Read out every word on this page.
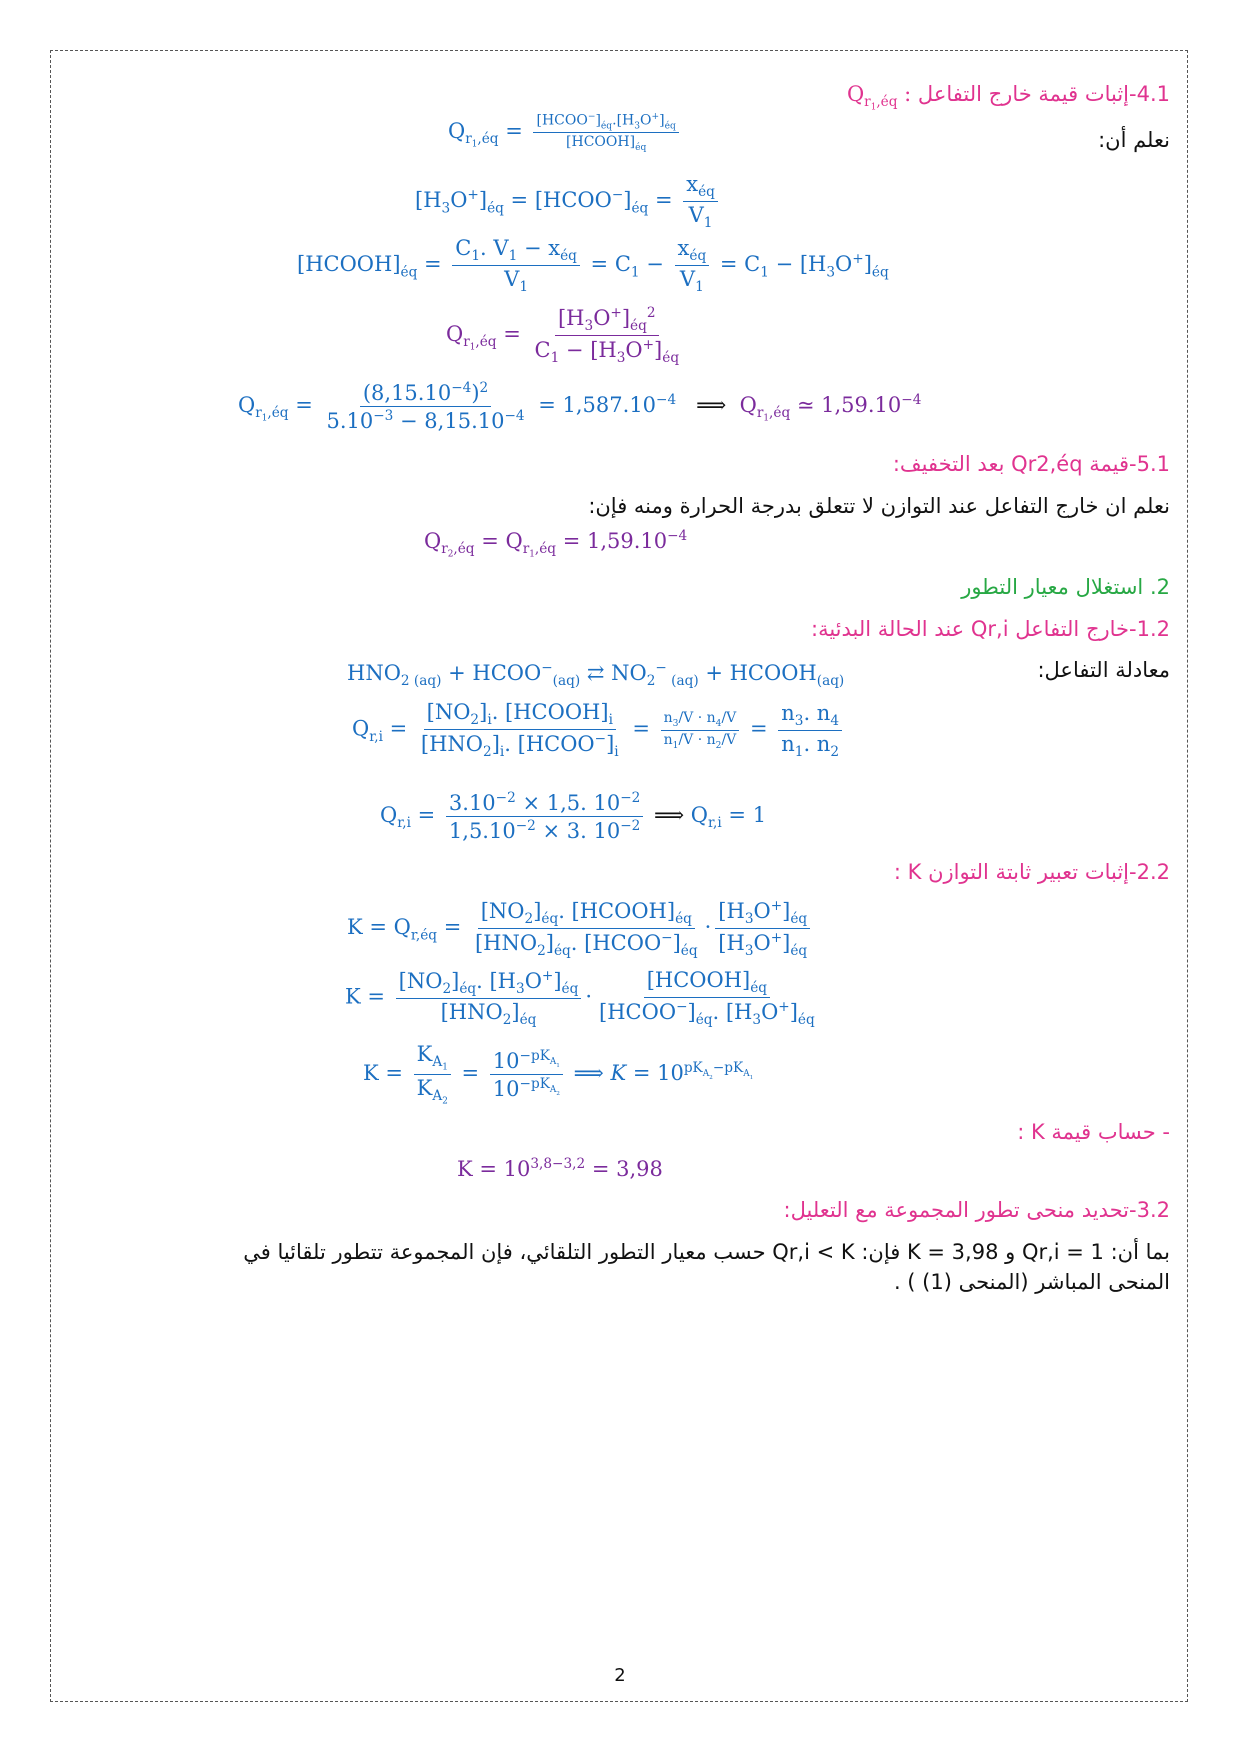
4.1-إثبات قيمة خارج التفاعل $Q_{r_1,éq}$ :
نعلم أن:
$Q_{r_1,éq} = \frac{[HCOO^-]_{éq}.[H_3O^+]_{éq}}{[HCOOH]_{éq}}$
$[H_3O^+]_{éq}$ = $[HCOO^-]_{éq} = \frac{x_{éq}}{V_1}$
$[HCOOH]_{éq} = \frac{C_1. V_1 - x_{éq}}{V_1} = C_1 - \frac{x_{éq}}{V_1} = C_1 - [H_3O^+]_{éq}$
$Q_{r_1,éq} = \frac{[H_3O^+]_{éq}^2}{C_1 - [H_3O^+]_{éq}}$
$Q_{r_1,éq} = \frac{(8,15.10^{-4})^2}{5.10^{-3} - 8,15.10^{-4}} = 1,587.10^{-4}$   ⟹  $Q_{r_1,éq}$ ≃ $1,59.10^{-4}$
5.1-قيمة Qr2,éq بعد التخفيف:
نعلم ان خارج التفاعل عند التوازن لا تتعلق بدرجة الحرارة ومنه فإن:
$Q_{r_2,éq} = Q_{r_1,éq} = 1,59.10^{-4}$
2. استغلال معيار التطور
1.2-خارج التفاعل Qr,i عند الحالة البدئية:
معادلة التفاعل:
$HNO_{2 (aq)}$ + $HCOO^-_{(aq)}$ ⇄ $NO_2^-$ $_{(aq)} + HCOOH_{(aq)}$
$Q_{r,i} = \frac{[NO_2]_i. [HCOOH]_i}{[HNO_2]_i. [HCOO^-]_i} = \frac{n_3/V \cdot n_4/V}{n_1/V \cdot n_2/V} = \frac{n_3. n_4}{n_1. n_2}$
$Q_{r,i} = \frac{3.10^{-2} \times 1,5. 10^{-2}}{1,5.10^{-2} \times 3. 10^{-2}}$ ⟹ $Q_{r,i} = 1$
2.2-إثبات تعبير ثابتة التوازن K :
$K = Q_{r,éq} = \frac{[NO_2]_{éq}. [HCOOH]_{éq}}{[HNO_2]_{éq}. [HCOO^-]_{éq}} \cdot \frac{[H_3O^+]_{éq}}{[H_3O^+]_{éq}}$
$K = \frac{[NO_2]_{éq}. [H_3O^+]_{éq}}{[HNO_2]_{éq}} \cdot \frac{[HCOOH]_{éq}}{[HCOO^-]_{éq}. [H_3O^+]_{éq}}$
$K = \frac{K_{A_1}}{K_{A_2}} = \frac{10^{-pK_{A_1}}}{10^{-pK_{A_2}}}$ ⟹ $K = 10^{pK_{A_2}-pK_{A_1}}$
- حساب قيمة K :
$K = 10^{3,8-3,2} = 3,98$
3.2-تحديد منحى تطور المجموعة مع التعليل:
بما أن: Qr,i = 1 و K = 3,98 فإن: Qr,i < K حسب معيار التطور التلقائي، فإن المجموعة تتطور تلقائيا في
المنحى المباشر (المنحى (1) ) .
2
